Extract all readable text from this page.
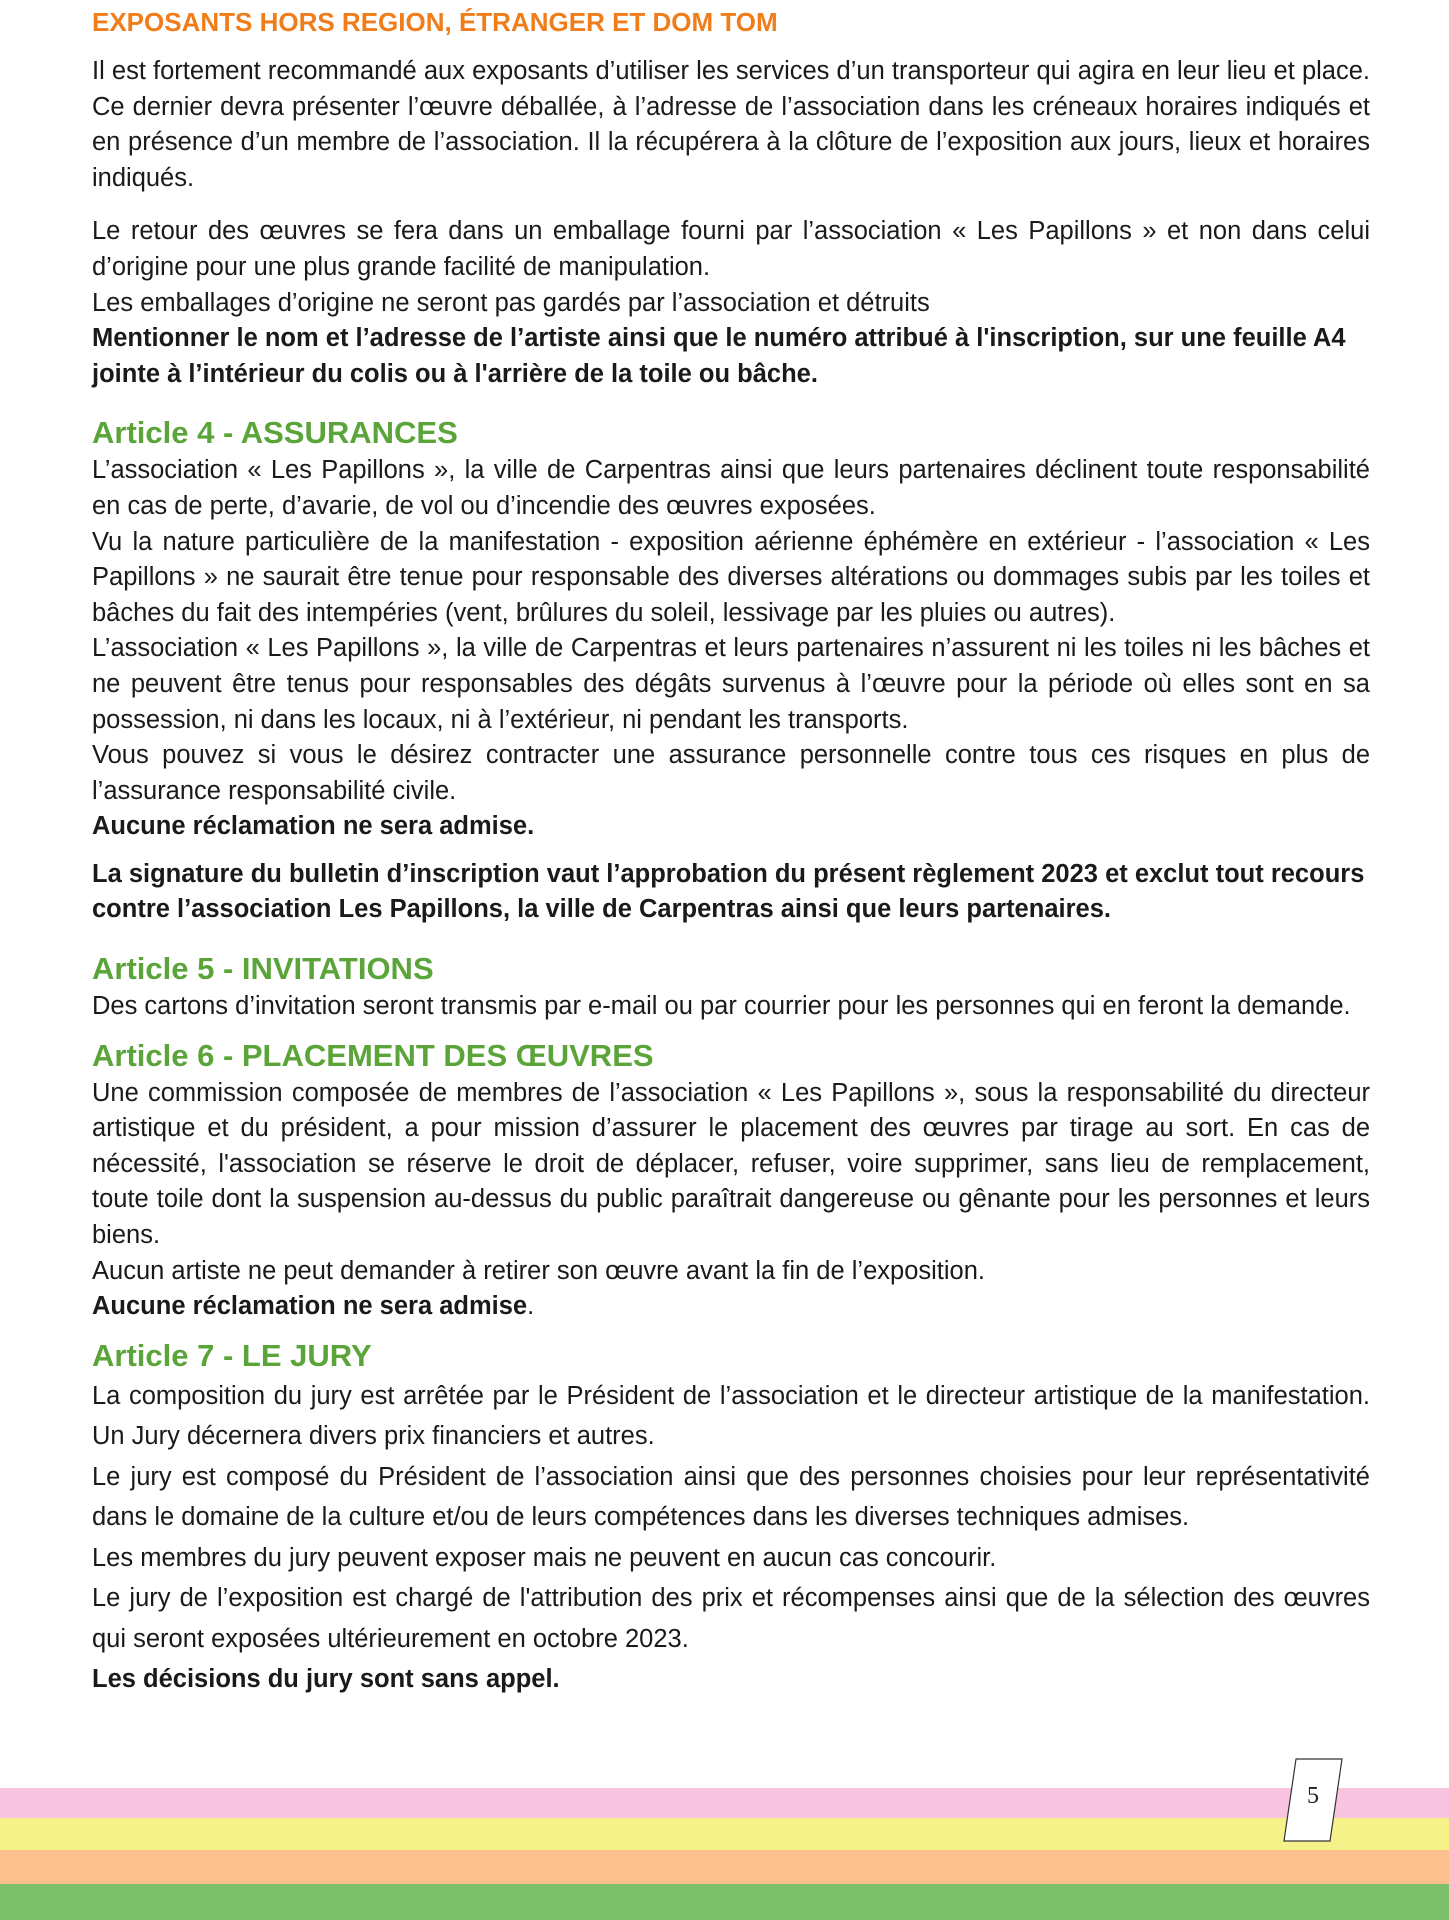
EXPOSANTS HORS REGION, ÉTRANGER ET DOM TOM

Il est fortement recommandé aux exposants d’utiliser les services d’un transporteur qui agira en leur lieu et place. Ce dernier devra présenter l’œuvre déballée, à l’adresse de l’association dans les créneaux horaires indiqués et en présence d’un membre de l’association. Il la récupérera à la clôture de l’exposition aux jours, lieux et horaires indiqués.

Le retour des œuvres se fera dans un emballage fourni par l’association « Les Papillons » et non dans celui d’origine pour une plus grande facilité de manipulation.

Les emballages d’origine ne seront pas gardés par l’association et détruits

Mentionner le nom et l’adresse de l’artiste ainsi que le numéro attribué à l'inscription, sur une feuille A4 jointe à l’intérieur du colis ou à l'arrière de la toile ou bâche.

Article 4 - ASSURANCES

L’association « Les Papillons », la ville de Carpentras ainsi que leurs partenaires déclinent toute responsabilité en cas de perte, d’avarie, de vol ou d’incendie des œuvres exposées.

Vu la nature particulière de la manifestation - exposition aérienne éphémère en extérieur - l’association « Les Papillons » ne saurait être tenue pour responsable des diverses altérations ou dommages subis par les toiles et bâches du fait des intempéries (vent, brûlures du soleil, lessivage par les pluies ou autres).

L’association « Les Papillons », la ville de Carpentras et leurs partenaires n’assurent ni les toiles ni les bâches et ne peuvent être tenus pour responsables des dégâts survenus à l’œuvre pour la période où elles sont en sa possession, ni dans les locaux, ni à l’extérieur, ni pendant les transports.

Vous pouvez si vous le désirez contracter une assurance personnelle contre tous ces risques en plus de l’assurance responsabilité civile.

Aucune réclamation ne sera admise.

La signature du bulletin d’inscription vaut l’approbation du présent règlement 2023 et exclut tout recours contre l’association Les Papillons, la ville de Carpentras ainsi que leurs partenaires.

Article 5 - INVITATIONS

Des cartons d’invitation seront transmis par e-mail ou par courrier pour les personnes qui en feront la demande.

Article 6 - PLACEMENT DES ŒUVRES

Une commission composée de membres de l’association « Les Papillons », sous la responsabilité du directeur artistique et du président, a pour mission d’assurer le placement des œuvres par tirage au sort. En cas de nécessité, l'association se réserve le droit de déplacer, refuser, voire supprimer, sans lieu de remplacement, toute toile dont la suspension au-dessus du public paraîtrait dangereuse ou gênante pour les personnes et leurs biens.

Aucun artiste ne peut demander à retirer son œuvre avant la fin de l’exposition.

Aucune réclamation ne sera admise.

Article 7 - LE JURY

La composition du jury est arrêtée par le Président de l’association et le directeur artistique de la manifestation. Un Jury décernera divers prix financiers et autres.

Le jury est composé du Président de l’association ainsi que des personnes choisies pour leur représentativité dans le domaine de la culture et/ou de leurs compétences dans les diverses techniques admises.

Les membres du jury peuvent exposer mais ne peuvent en aucun cas concourir.

Le jury de l’exposition est chargé de l'attribution des prix et récompenses ainsi que de la sélection des œuvres qui seront exposées ultérieurement en octobre 2023.

Les décisions du jury sont sans appel.

5
